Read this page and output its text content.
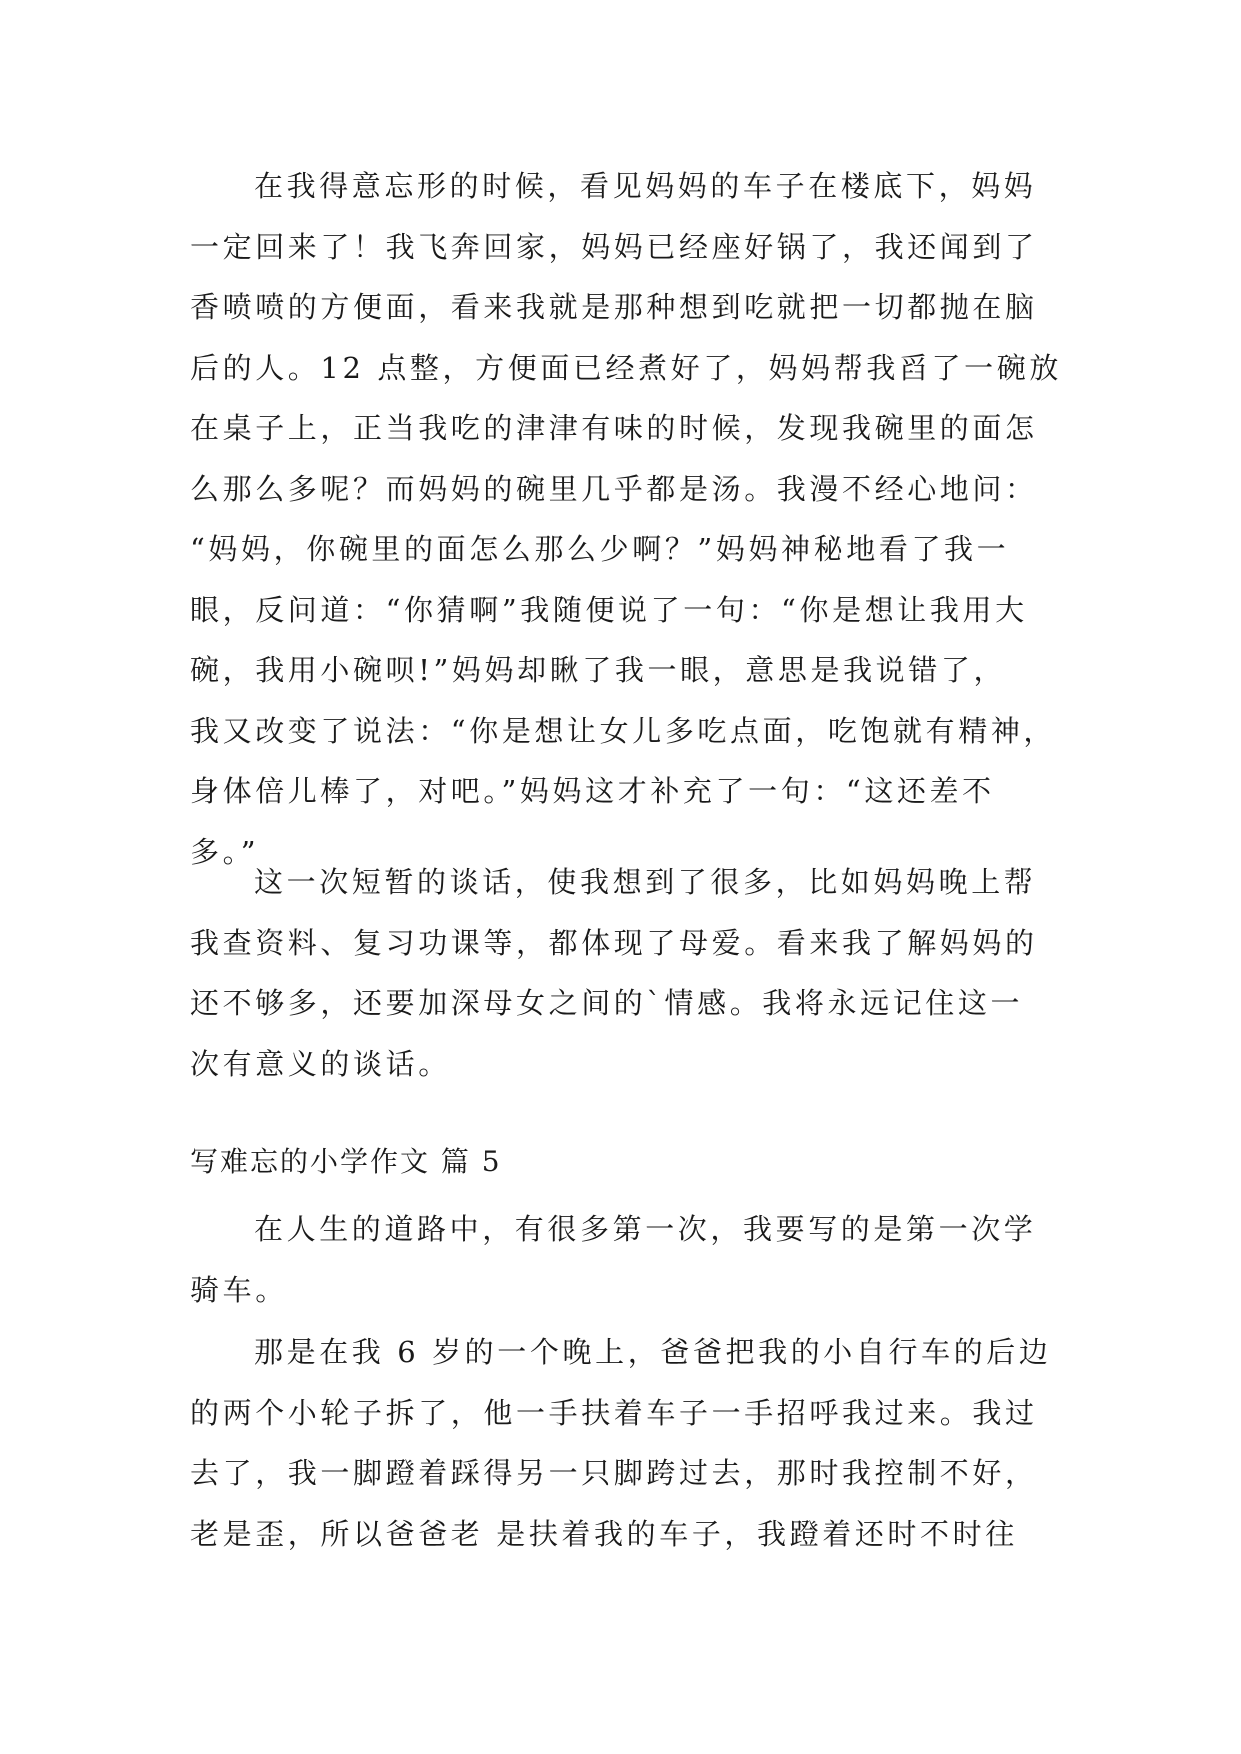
在我得意忘形的时候，看见妈妈的车子在楼底下，妈妈
一定回来了！我飞奔回家，妈妈已经座好锅了，我还闻到了
香喷喷的方便面，看来我就是那种想到吃就把一切都抛在脑
后的人。12 点整，方便面已经煮好了，妈妈帮我舀了一碗放
在桌子上，正当我吃的津津有味的时候，发现我碗里的面怎
么那么多呢？而妈妈的碗里几乎都是汤。我漫不经心地问：
“妈妈，你碗里的面怎么那么少啊？”妈妈神秘地看了我一
眼，反问道：“你猜啊”我随便说了一句：“你是想让我用大
碗，我用小碗呗!”妈妈却瞅了我一眼，意思是我说错了，
我又改变了说法：“你是想让女儿多吃点面，吃饱就有精神，
身体倍儿棒了，对吧。”妈妈这才补充了一句：“这还差不
多。”
这一次短暂的谈话，使我想到了很多，比如妈妈晚上帮
我查资料、复习功课等，都体现了母爱。看来我了解妈妈的
还不够多，还要加深母女之间的`情感。我将永远记住这一
次有意义的谈话。
写难忘的小学作文 篇 5
在人生的道路中，有很多第一次，我要写的是第一次学
骑车。
那是在我 6 岁的一个晚上，爸爸把我的小自行车的后边
的两个小轮子拆了，他一手扶着车子一手招呼我过来。我过
去了，我一脚蹬着踩得另一只脚跨过去，那时我控制不好，
老是歪，所以爸爸老 是扶着我的车子，我蹬着还时不时往
